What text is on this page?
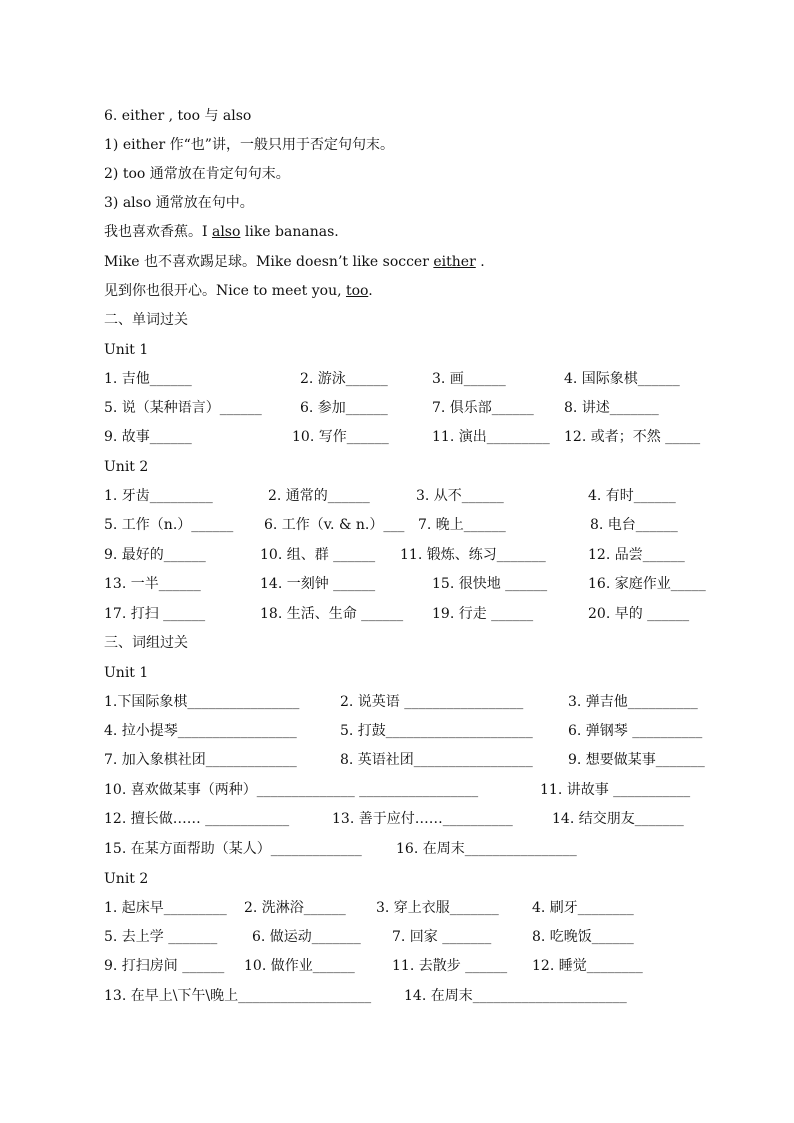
6. either , too 与 also
1) either 作“也”讲，一般只用于否定句句末。
2) too 通常放在肯定句句末。
3) also 通常放在句中。
我也喜欢香蕉。I also like bananas.
Mike 也不喜欢踢足球。Mike doesn’t like soccer either .
见到你也很开心。Nice to meet you, too.
二、单词过关
Unit 1
1. 吉他______	2. 游泳______	3. 画______	4. 国际象棋______
5. 说（某种语言）______	6. 参加______	7. 俱乐部______ 8. 讲述_______
9. 故事______	10. 写作______	11. 演出_________ 12. 或者；不然 _____
Unit 2
1. 牙齿_________	2. 通常的______	3. 从不______	4. 有时______
5. 工作（n.）______ 6. 工作（v. & n.）___ 7. 晚上______	8. 电台______
9. 最好的______	10. 组、群 ______ 11. 锻炼、练习_______	12. 品尝______
13. 一半______	14. 一刻钟 ______	15. 很快地 ______	16. 家庭作业_____
17. 打扫 ______	18. 生活、生命 ______ 19. 行走 ______	20. 早的 ______
三、词组过关
Unit 1
1.下国际象棋________________	2. 说英语 _________________	3. 弹吉他__________
4. 拉小提琴_________________	5. 打鼓_____________________	6. 弹钢琴 __________
7. 加入象棋社团_____________	8. 英语社团_________________	9. 想要做某事_______
10. 喜欢做某事（两种）______________ _________________	11. 讲故事 ___________
12. 擅长做…… ____________	13. 善于应付……__________	14. 结交朋友_______
15. 在某方面帮助（某人）_____________ 16. 在周末________________
Unit 2
1. 起床早_________ 2. 洗淋浴______ 3. 穿上衣服_______ 4. 刷牙________
5. 去上学 _______ 6. 做运动_______ 7. 回家 _______	8. 吃晚饭______
9. 打扫房间 ______ 10. 做作业______	11. 去散步 ______ 12. 睡觉________
13. 在早上\下午\晚上___________________ 14. 在周末______________________
